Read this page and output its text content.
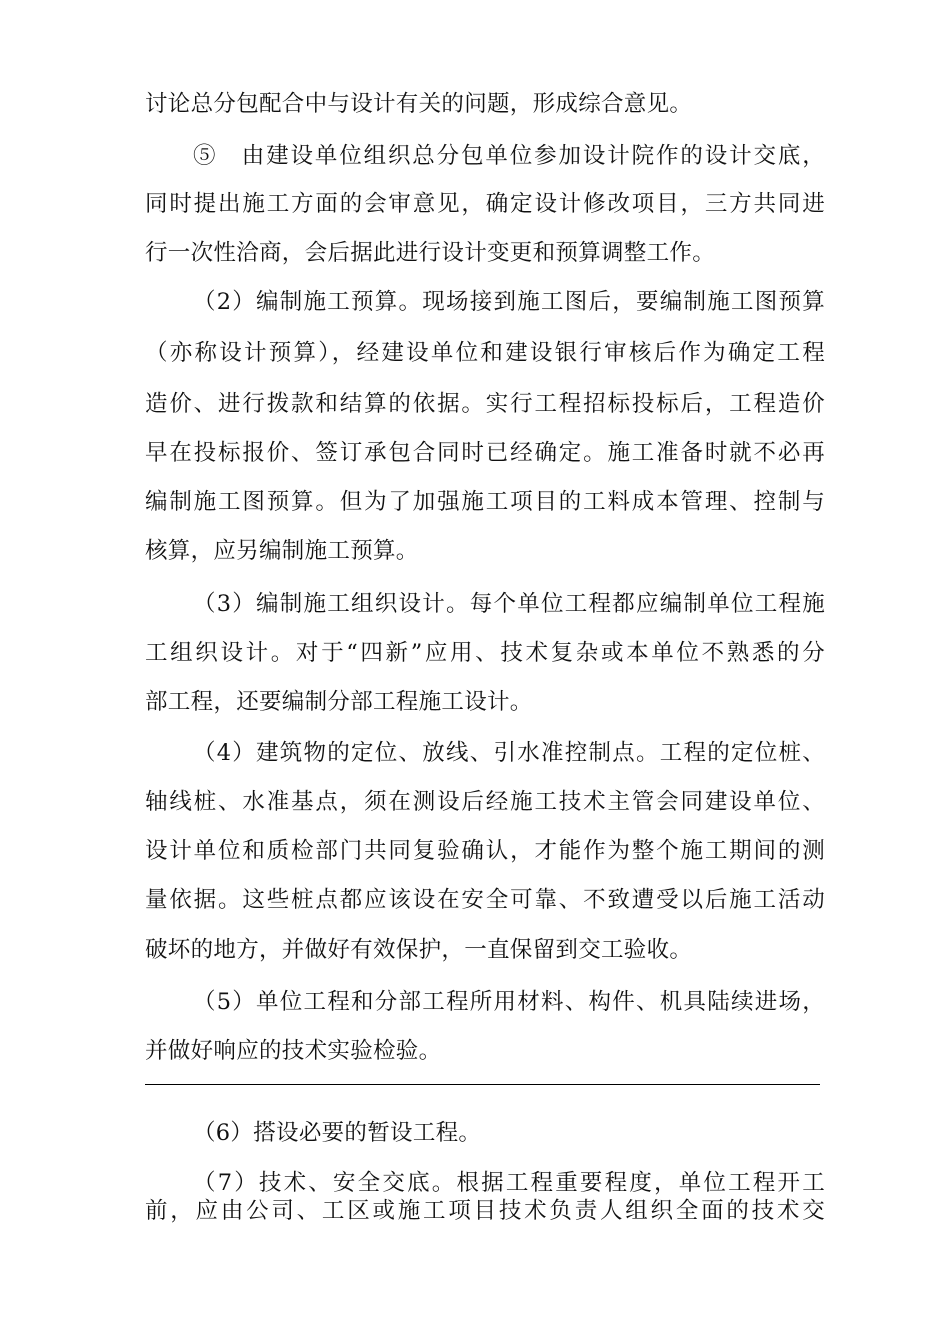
讨论总分包配合中与设计有关的问题，形成综合意见。
⑤　由建设单位组织总分包单位参加设计院作的设计交底，
同时提出施工方面的会审意见，确定设计修改项目，三方共同进
行一次性洽商，会后据此进行设计变更和预算调整工作。
（2）编制施工预算。现场接到施工图后，要编制施工图预算
（亦称设计预算），经建设单位和建设银行审核后作为确定工程
造价、进行拨款和结算的依据。实行工程招标投标后，工程造价
早在投标报价、签订承包合同时已经确定。施工准备时就不必再
编制施工图预算。但为了加强施工项目的工料成本管理、控制与
核算，应另编制施工预算。
（3）编制施工组织设计。每个单位工程都应编制单位工程施
工组织设计。对于“四新”应用、技术复杂或本单位不熟悉的分
部工程，还要编制分部工程施工设计。
（4）建筑物的定位、放线、引水准控制点。工程的定位桩、
轴线桩、水准基点，须在测设后经施工技术主管会同建设单位、
设计单位和质检部门共同复验确认，才能作为整个施工期间的测
量依据。这些桩点都应该设在安全可靠、不致遭受以后施工活动
破坏的地方，并做好有效保护，一直保留到交工验收。
（5）单位工程和分部工程所用材料、构件、机具陆续进场，
并做好响应的技术实验检验。
（6）搭设必要的暂设工程。
（7）技术、安全交底。根据工程重要程度，单位工程开工
前，应由公司、工区或施工项目技术负责人组织全面的技术交
